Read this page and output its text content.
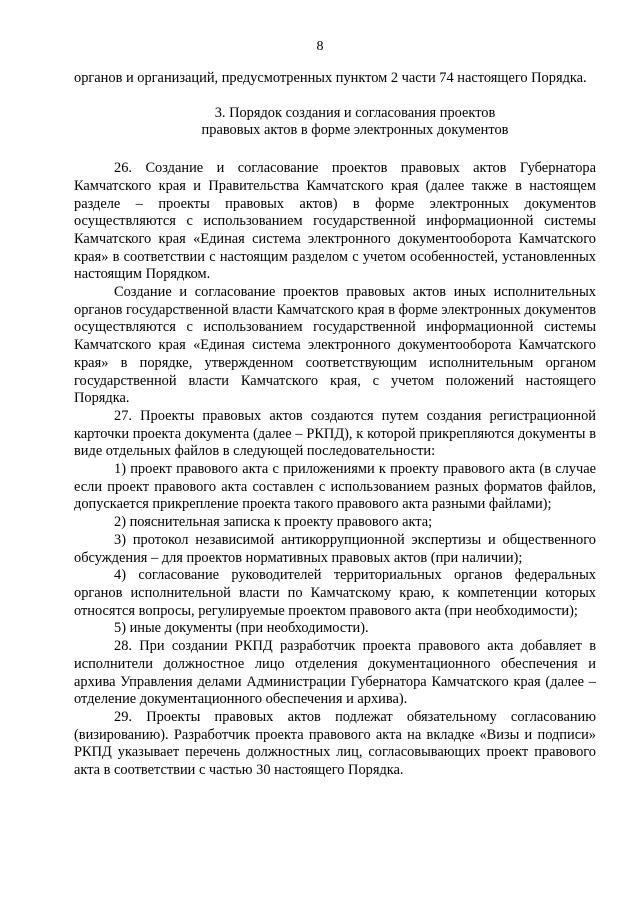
8

органов и организаций, предусмотренных пунктом 2 части 74 настоящего Порядка.

3. Порядок создания и согласования проектов
правовых актов в форме электронных документов

26. Создание и согласование проектов правовых актов Губернатора Камчатского края и Правительства Камчатского края (далее также в настоящем разделе – проекты правовых актов) в форме электронных документов осуществляются с использованием государственной информационной системы Камчатского края «Единая система электронного документооборота Камчатского края» в соответствии с настоящим разделом с учетом особенностей, установленных настоящим Порядком.

Создание и согласование проектов правовых актов иных исполнительных органов государственной власти Камчатского края в форме электронных документов осуществляются с использованием государственной информационной системы Камчатского края «Единая система электронного документооборота Камчатского края» в порядке, утвержденном соответствующим исполнительным органом государственной власти Камчатского края, с учетом положений настоящего Порядка.

27. Проекты правовых актов создаются путем создания регистрационной карточки проекта документа (далее – РКПД), к которой прикрепляются документы в виде отдельных файлов в следующей последовательности:

1) проект правового акта с приложениями к проекту правового акта (в случае если проект правового акта составлен с использованием разных форматов файлов, допускается прикрепление проекта такого правового акта разными файлами);

2) пояснительная записка к проекту правового акта;

3) протокол независимой антикоррупционной экспертизы и общественного обсуждения – для проектов нормативных правовых актов (при наличии);

4) согласование руководителей территориальных органов федеральных органов исполнительной власти по Камчатскому краю, к компетенции которых относятся вопросы, регулируемые проектом правового акта (при необходимости);

5) иные документы (при необходимости).

28. При создании РКПД разработчик проекта правового акта добавляет в исполнители должностное лицо отделения документационного обеспечения и архива Управления делами Администрации Губернатора Камчатского края (далее – отделение документационного обеспечения и архива).

29. Проекты правовых актов подлежат обязательному согласованию (визированию). Разработчик проекта правового акта на вкладке «Визы и подписи» РКПД указывает перечень должностных лиц, согласовывающих проект правового акта в соответствии с частью 30 настоящего Порядка.
